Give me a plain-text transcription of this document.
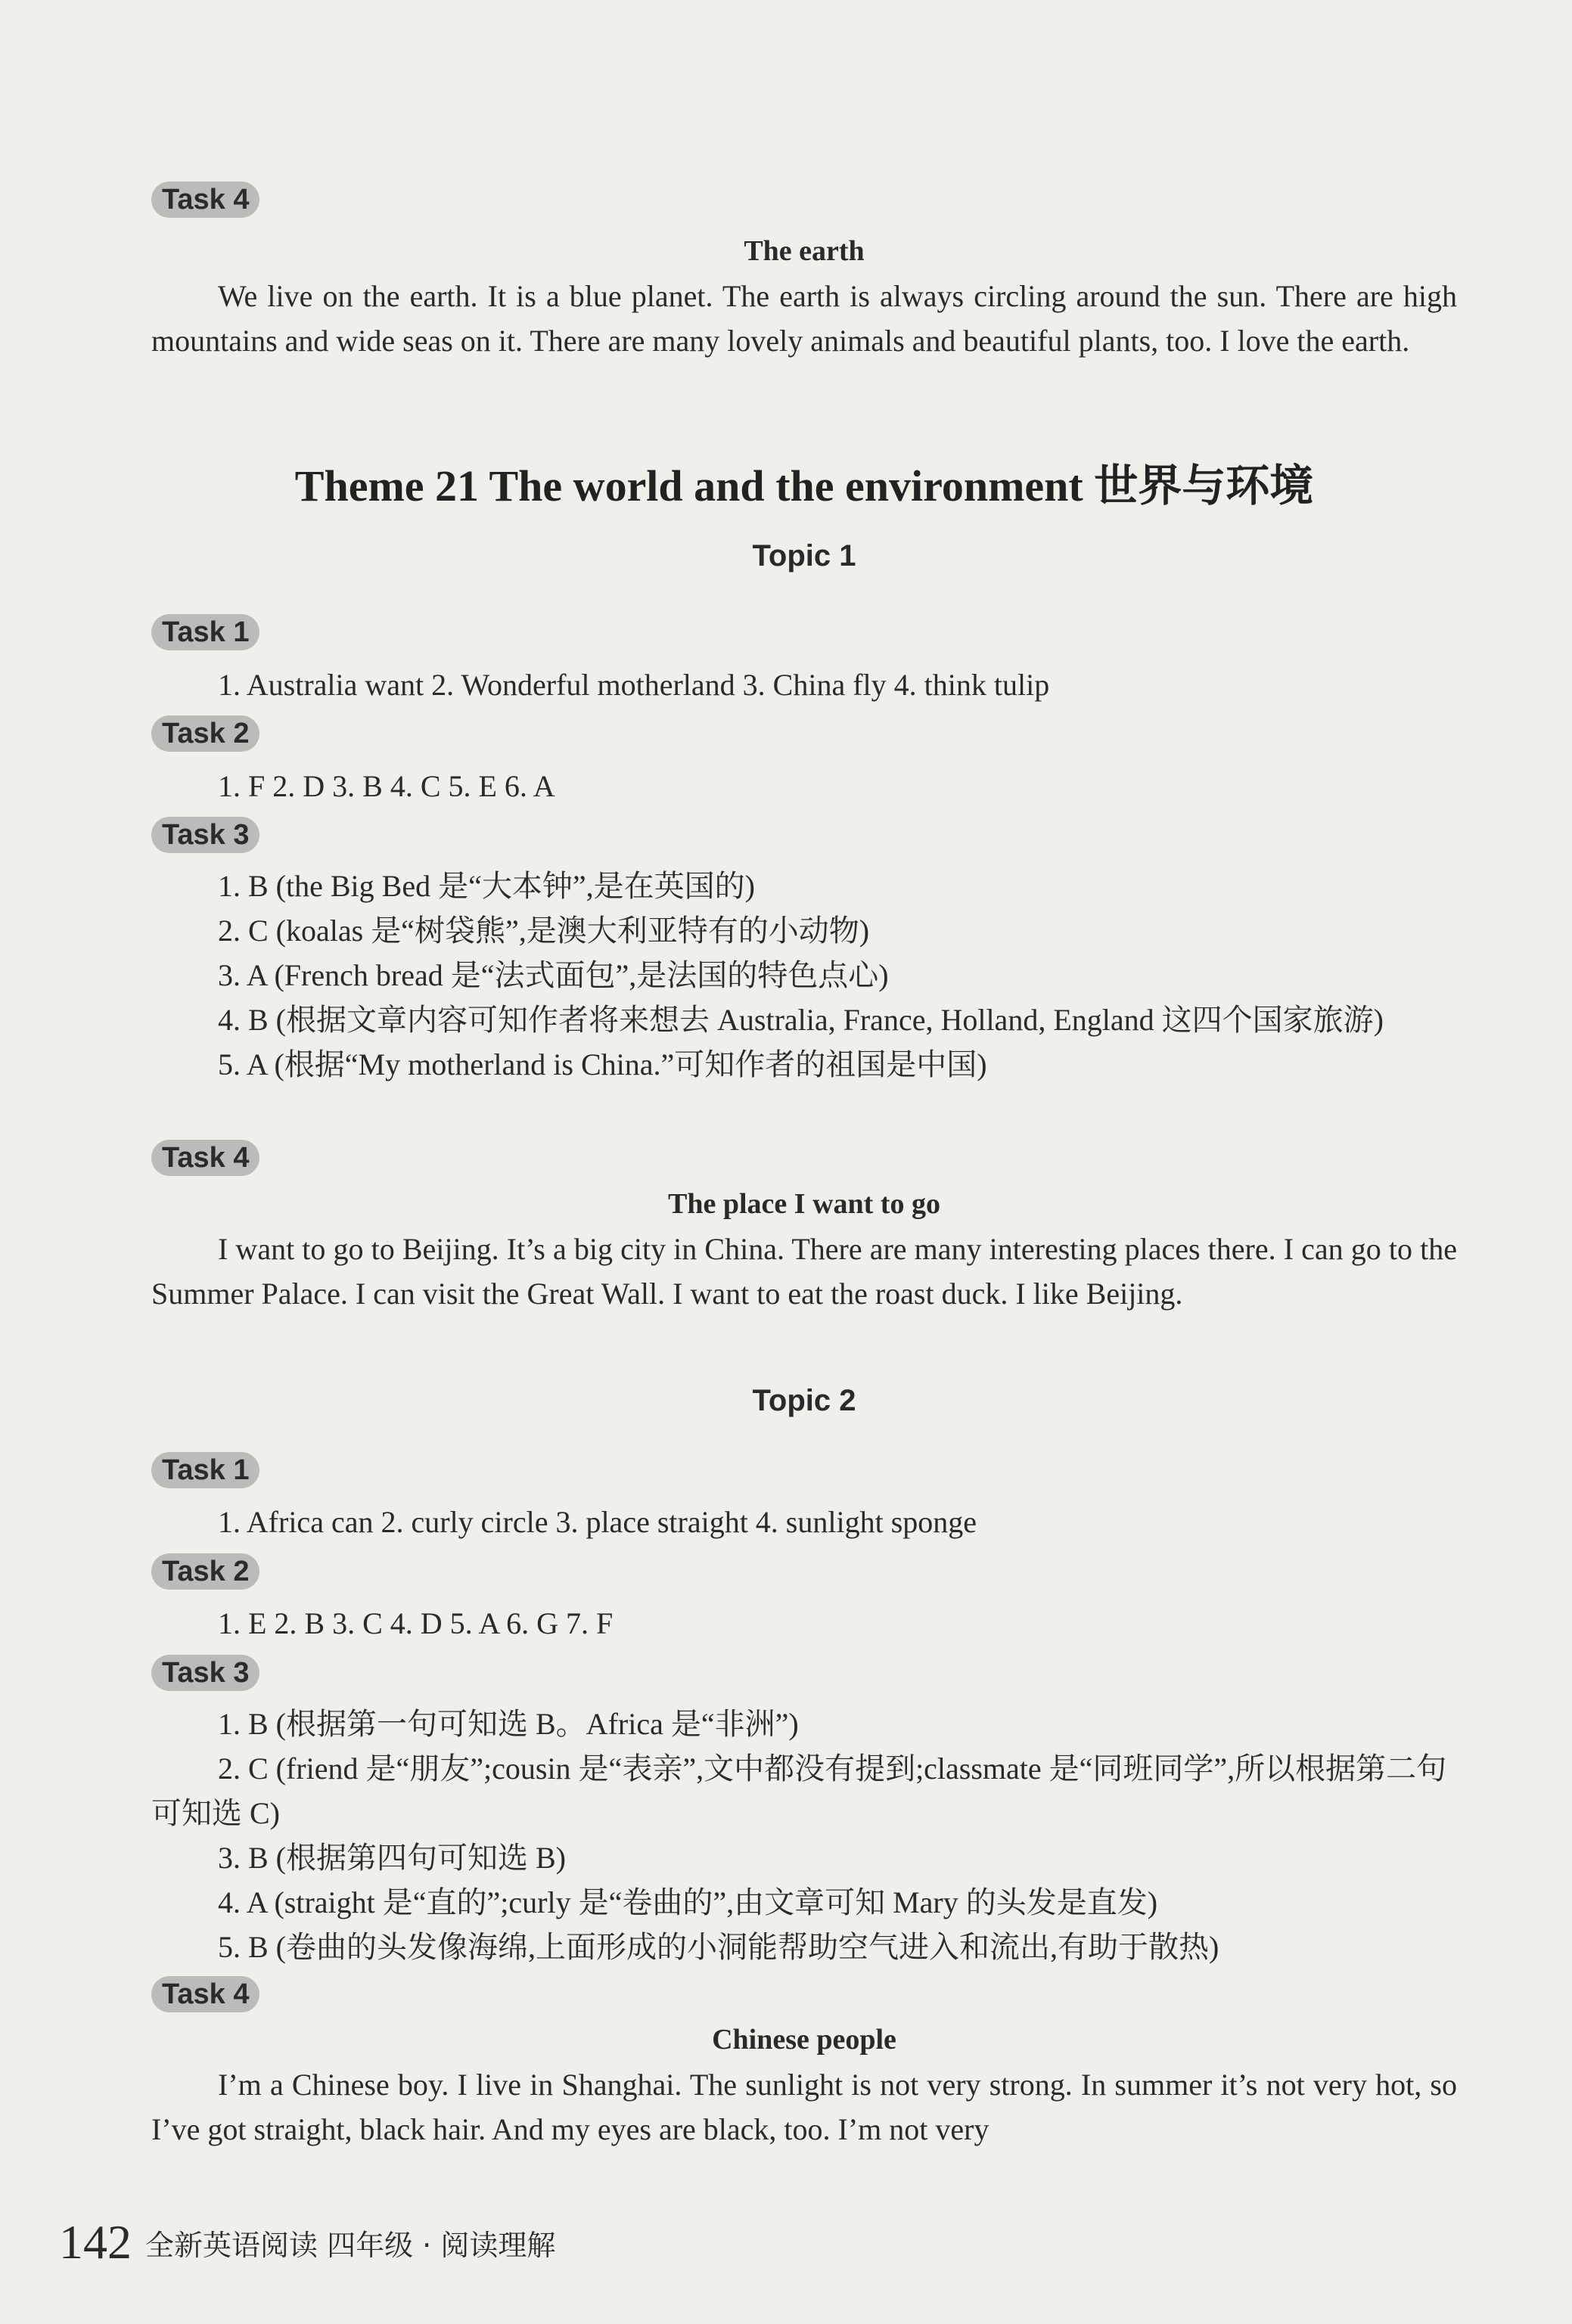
Task 4
The earth
We live on the earth. It is a blue planet. The earth is always circling around the sun. There are high mountains and wide seas on it. There are many lovely animals and beautiful plants, too. I love the earth.
Theme 21 The world and the environment 世界与环境
Topic 1
Task 1
1. Australia want 2. Wonderful motherland 3. China fly 4. think tulip
Task 2
1. F 2. D 3. B 4. C 5. E 6. A
Task 3
1. B (the Big Bed 是“大本钟”,是在英国的)
2. C (koalas 是“树袋熊”,是澳大利亚特有的小动物)
3. A (French bread 是“法式面包”,是法国的特色点心)
4. B (根据文章内容可知作者将来想去 Australia, France, Holland, England 这四个国家旅游)
5. A (根据“My motherland is China.”可知作者的祖国是中国)
Task 4
The place I want to go
I want to go to Beijing. It’s a big city in China. There are many interesting places there. I can go to the Summer Palace. I can visit the Great Wall. I want to eat the roast duck. I like Beijing.
Topic 2
Task 1
1. Africa can 2. curly circle 3. place straight 4. sunlight sponge
Task 2
1. E 2. B 3. C 4. D 5. A 6. G 7. F
Task 3
1. B (根据第一句可知选 B。Africa 是“非洲”)
2. C (friend 是“朋友”;cousin 是“表亲”,文中都没有提到;classmate 是“同班同学”,所以根据第二句可知选 C)
3. B (根据第四句可知选 B)
4. A (straight 是“直的”;curly 是“卷曲的”,由文章可知 Mary 的头发是直发)
5. B (卷曲的头发像海绵,上面形成的小洞能帮助空气进入和流出,有助于散热)
Task 4
Chinese people
I’m a Chinese boy. I live in Shanghai. The sunlight is not very strong. In summer it’s not very hot, so I’ve got straight, black hair. And my eyes are black, too. I’m not very
142 全新英语阅读 四年级 · 阅读理解
